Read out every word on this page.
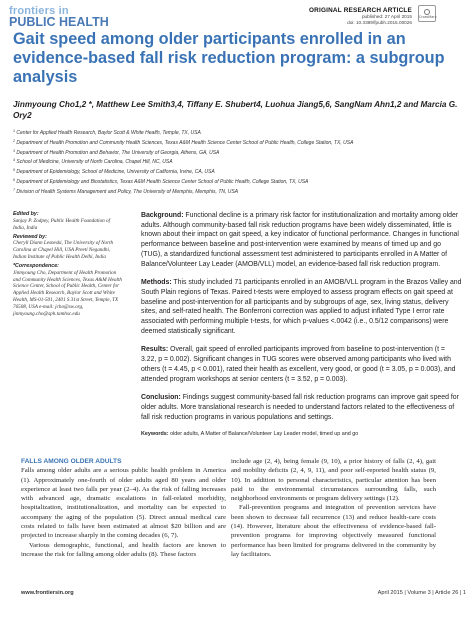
frontiers in
PUBLIC HEALTH
ORIGINAL RESEARCH ARTICLE
published: 27 April 2015
doi: 10.3389/fpubh.2015.00026
CrossMark
Gait speed among older participants enrolled in an evidence-based fall risk reduction program: a subgroup analysis
Jinmyoung Cho1,2 *, Matthew Lee Smith3,4, Tiffany E. Shubert4, Luohua Jiang5,6, SangNam Ahn1,2 and Marcia G. Ory2
$^1$ Center for Applied Health Research, Baylor Scott & White Health, Temple, TX, USA
$^2$ Department of Health Promotion and Community Health Sciences, Texas A&M Health Science Center School of Public Health, College Station, TX, USA
$^3$ Department of Health Promotion and Behavior, The University of Georgia, Athens, GA, USA
$^4$ School of Medicine, University of North Carolina, Chapel Hill, NC, USA
$^5$ Department of Epidemiology, School of Medicine, University of California, Irvine, CA, USA
$^6$ Department of Epidemiology and Biostatistics, Texas A&M Health Science Center School of Public Health, College Station, TX, USA
$^7$ Division of Health Systems Management and Policy, The University of Memphis, Memphis, TN, USA
Edited by:
Sanjay P. Zodpey, Public Health Foundation of India, India
Reviewed by:
Cheryll Diann Lesneski, The University of North Carolina at Chapel Hill, USA Preeti Negandhi, Indian Institute of Public Health Delhi, India
*Correspondence:
Jinmyoung Cho, Department of Health Promotion and Community Health Sciences, Texas A&M Health Science Center, School of Public Health, Center for Applied Health Research, Baylor Scott and White Health, MS-01-501, 2401 S 31st Street, Temple, TX 76508, USA e-mail: jcho@sw.org, jinmyoung.cho@sph.tamhsc.edu

Background: Functional decline is a primary risk factor for institutionalization and mortality among older adults. Although community-based fall risk reduction programs have been widely disseminated, little is known about their impact on gait speed, a key indicator of functional performance. Changes in functional performance between baseline and post-intervention were examined by means of timed up and go (TUG), a standardized functional assessment test administered to participants enrolled in A Matter of Balance/Volunteer Lay Leader (AMOB/VLL) model, an evidence-based fall risk reduction program.

Methods: This study included 71 participants enrolled in an AMOB/VLL program in the Brazos Valley and South Plain regions of Texas. Paired t-tests were employed to assess program effects on gait speed at baseline and post-intervention for all participants and by subgroups of age, sex, living status, delivery sites, and self-rated health. The Bonferroni correction was applied to adjust inflated Type I error rate associated with performing multiple t-tests, for which p-values <.0042 (i.e., 0.5/12 comparisons) were deemed statistically significant.

Results: Overall, gait speed of enrolled participants improved from baseline to post-intervention (t = 3.22, p = 0.002). Significant changes in TUG scores were observed among participants who lived with others (t = 4.45, p < 0.001), rated their health as excellent, very good, or good (t = 3.05, p = 0.003), and attended program workshops at senior centers (t = 3.52, p = 0.003).

Conclusion: Findings suggest community-based fall risk reduction programs can improve gait speed for older adults. More translational research is needed to understand factors related to the effectiveness of fall risk reduction programs in various populations and settings.

Keywords: older adults, A Matter of Balance/Volunteer Lay Leader model, timed up and go

FALLS AMONG OLDER ADULTS

Falls among older adults are a serious public health problem in America (1). Approximately one-fourth of older adults aged 80 years and older experience at least two falls per year (2–4). As the risk of falling increases with advanced age, dramatic escalations in fall-related morbidity, hospitalization, institutionalization, and mortality can be expected to accompany the aging of the population (5). Direct annual medical care costs related to falls have been estimated at almost $20 billion and are projected to increase sharply in the coming decades (6, 7).

Various demographic, functional, and health factors are known to increase the risk for falling among older adults (8). These factors

include age (2, 4), being female (9, 10), a prior history of falls (2, 4), gait and mobility deficits (2, 4, 9, 11), and poor self-reported health status (9, 10). In addition to personal characteristics, particular attention has been paid to the environmental circumstances surrounding falls, such neighborhood environments or program delivery settings (12).

Fall-prevention programs and integration of prevention services have been shown to decrease fall recurrence (13) and reduce health-care costs (14). However, literature about the effectiveness of evidence-based fall-prevention programs for improving objectively measured functional performance has been limited for programs delivered in the community by lay facilitators.

www.frontiersin.org	April 2015 | Volume 3 | Article 26 | 1
